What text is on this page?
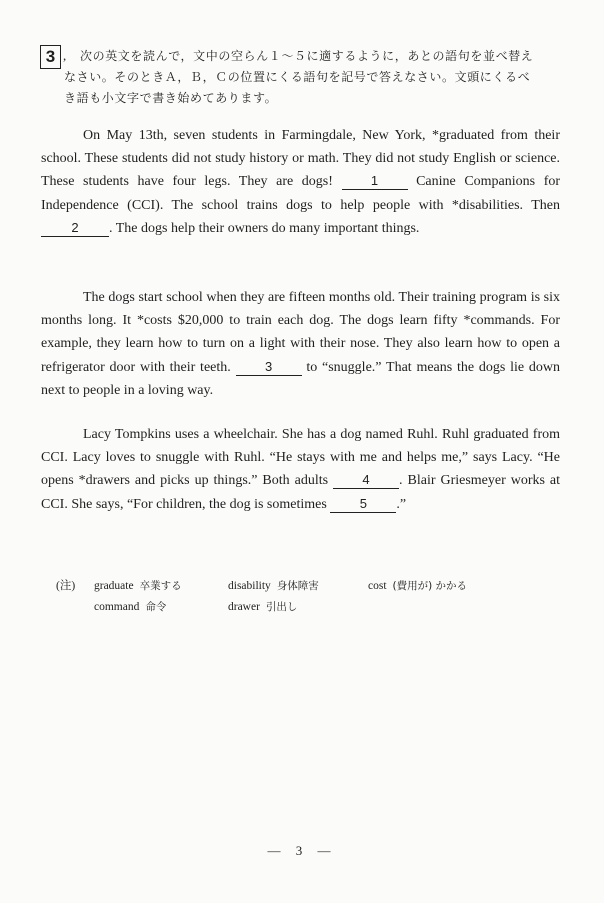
3 , 次の英文を読んで，文中の空らん１～５に適するように，あとの語句を並べ替え
なさい。そのときＡ，Ｂ，Ｃの位置にくる語句を記号で答えなさい。文頭にくるべ
き語も小文字で書き始めてあります。

On May 13th, seven students in Farmingdale, New York, *graduated from their school. These students did not study history or math. They did not study English or science. These students have four legs. They are dogs!	1	Canine Companions for Independence (CCI). The school trains dogs to help people with *disabilities. Then 2 . The dogs help their owners do many important things.

The dogs start school when they are fifteen months old. Their training program is six months long. It *costs $20,000 to train each dog. The dogs learn fifty *commands. For example, they learn how to turn on a light with their nose. They also learn how to open a refrigerator door with their teeth.	3 to “snuggle.” That means the dogs lie down next to people in a loving way.

Lacy Tompkins uses a wheelchair. She has a dog named Ruhl. Ruhl graduated from CCI. Lacy loves to snuggle with Ruhl. “He stays with me and helps me,” says Lacy. “He opens *drawers and picks up things.” Both adults	4 . Blair Griesmeyer works at CCI. She says, “For children, the dog is sometimes	5 .”

(注) graduate 卒業する	disability 身体障害	cost (費用が) かかる
command 命令	drawer 引出し
— 3 —
